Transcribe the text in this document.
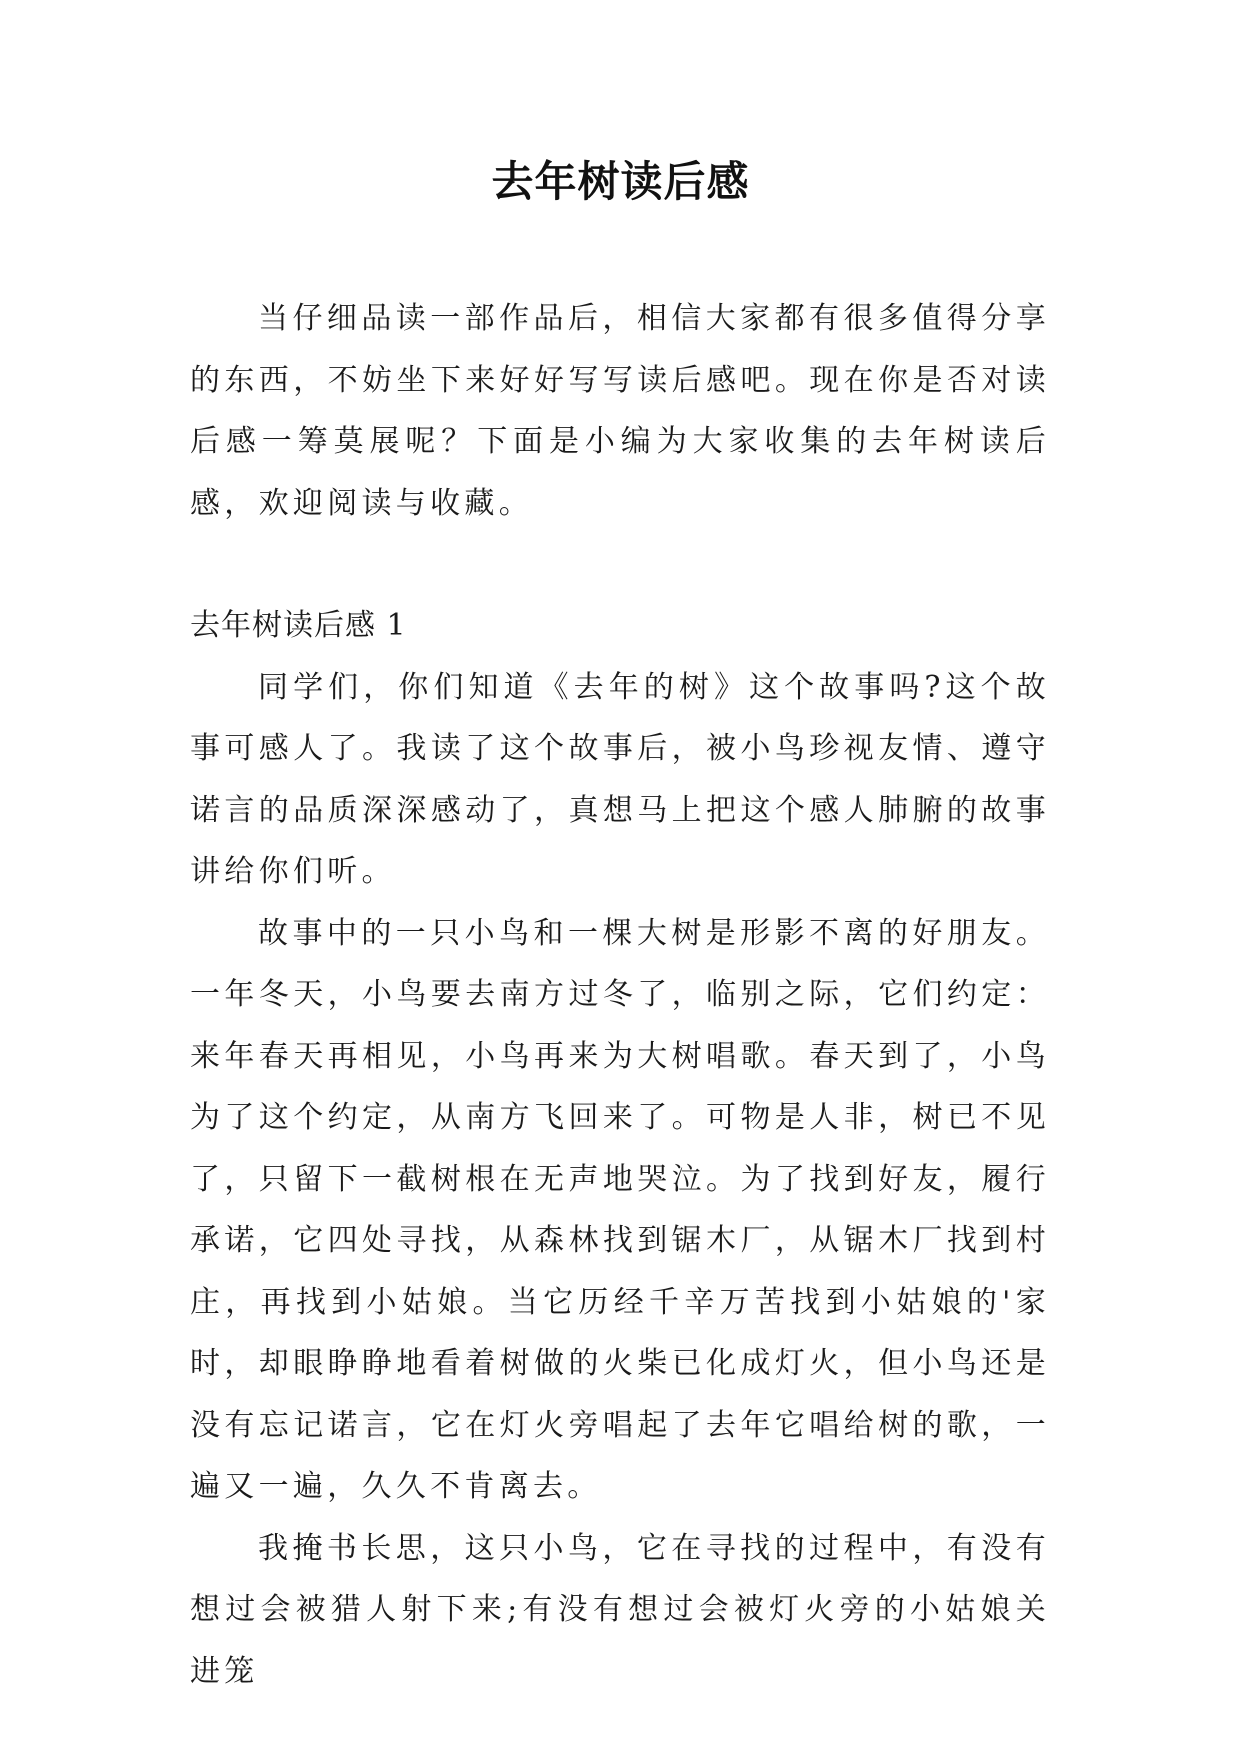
去年树读后感

当仔细品读一部作品后，相信大家都有很多值得分享的东西，不妨坐下来好好写写读后感吧。现在你是否对读后感一筹莫展呢？下面是小编为大家收集的去年树读后感，欢迎阅读与收藏。

去年树读后感 1

同学们，你们知道《去年的树》这个故事吗?这个故事可感人了。我读了这个故事后，被小鸟珍视友情、遵守诺言的品质深深感动了，真想马上把这个感人肺腑的故事讲给你们听。

故事中的一只小鸟和一棵大树是形影不离的好朋友。一年冬天，小鸟要去南方过冬了，临别之际，它们约定：来年春天再相见，小鸟再来为大树唱歌。春天到了，小鸟为了这个约定，从南方飞回来了。可物是人非，树已不见了，只留下一截树根在无声地哭泣。为了找到好友，履行承诺，它四处寻找，从森林找到锯木厂，从锯木厂找到村庄，再找到小姑娘。当它历经千辛万苦找到小姑娘的'家时，却眼睁睁地看着树做的火柴已化成灯火，但小鸟还是没有忘记诺言，它在灯火旁唱起了去年它唱给树的歌，一遍又一遍，久久不肯离去。

我掩书长思，这只小鸟，它在寻找的过程中，有没有想过会被猎人射下来;有没有想过会被灯火旁的小姑娘关进笼
